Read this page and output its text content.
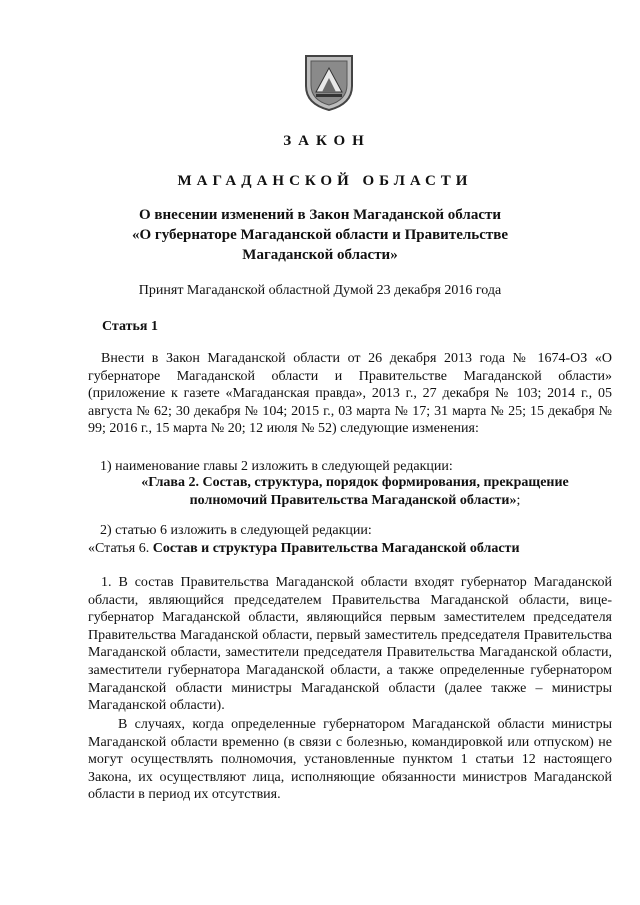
ЗАКОН
МАГАДАНСКОЙ ОБЛАСТИ
О внесении изменений в Закон Магаданской области
«О губернаторе Магаданской области и Правительстве
Магаданской области»
Принят Магаданской областной Думой 23 декабря 2016 года
Статья 1
Внести в Закон Магаданской области от 26 декабря 2013 года № 1674-ОЗ «О губернаторе Магаданской области и Правительстве Магаданской области» (приложение к газете «Магаданская правда», 2013 г., 27 декабря № 103; 2014 г., 05 августа № 62; 30 декабря № 104; 2015 г., 03 марта № 17; 31 марта № 25; 15 декабря № 99; 2016 г., 15 марта № 20; 12 июля № 52) следующие изменения:
1) наименование главы 2 изложить в следующей редакции:
«Глава 2. Состав, структура, порядок формирования, прекращение
полномочий Правительства Магаданской области»;
2) статью 6 изложить в следующей редакции:
«Статья 6. Состав и структура Правительства Магаданской области
1. В состав Правительства Магаданской области входят губернатор Магаданской области, являющийся председателем Правительства Магаданской области, вице-губернатор Магаданской области, являющийся первым заместителем председателя Правительства Магаданской области, первый заместитель председателя Правительства Магаданской области, заместители председателя Правительства Магаданской области, заместители губернатора Магаданской области, а также определенные губернатором Магаданской области министры Магаданской области (далее также – министры Магаданской области).
В случаях, когда определенные губернатором Магаданской области министры Магаданской области временно (в связи с болезнью, командировкой или отпуском) не могут осуществлять полномочия, установленные пунктом 1 статьи 12 настоящего Закона, их осуществляют лица, исполняющие обязанности министров Магаданской области в период их отсутствия.
